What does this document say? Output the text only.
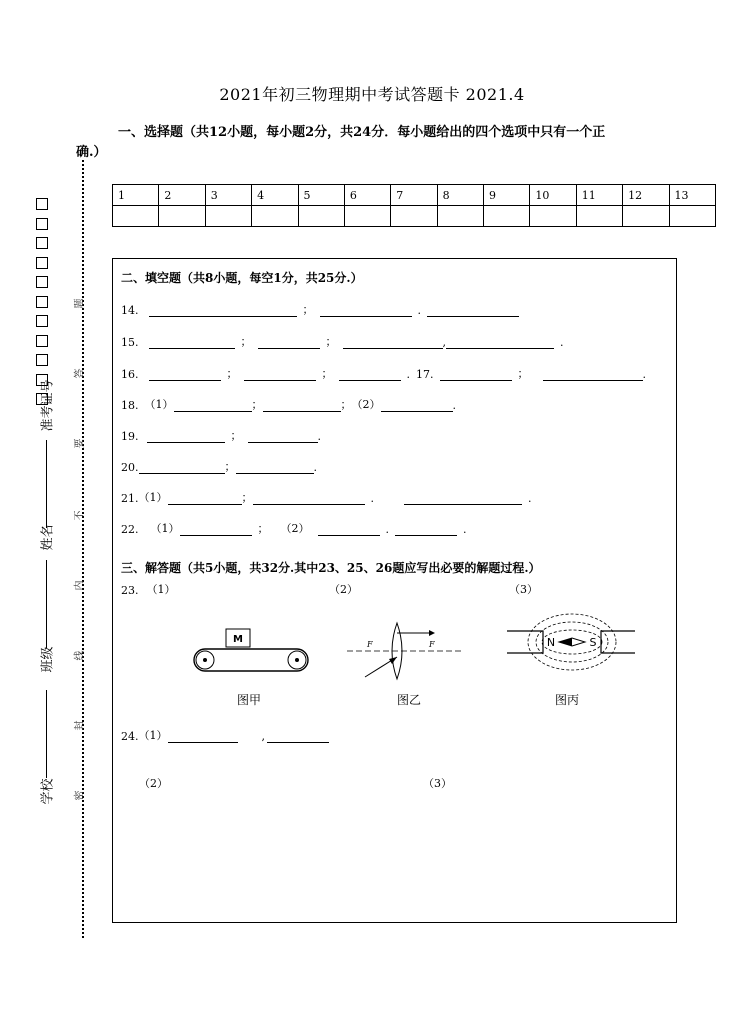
2021年初三物理期中考试答题卡 2021.4
一、选择题（共12小题，每小题2分，共24分．每小题给出的四个选项中只有一个正
确.）
1	2	3	4	5	6	7	8	9	10	11	12	13

准考证号
姓名
班级
学校
题
答
要
不
内
线
封
密
二、填空题（共8小题，每空1分，共25分.）
14.	；	.
15.	；	；	,	.
16.	；	；	. 17.	；	.
18. （1）	；	； （2）	.
19.	；	.
20.	；	.
21. （1）	；	.	.
22. （1）	；	（2）	.	.
三、解答题（共5小题，共32分.其中23、25、26题应写出必要的解题过程.）
23. （1）	（2）	（3）
M
图甲
F	F
图乙
N	S
图丙
24. （1）	,
（2）	（3）
